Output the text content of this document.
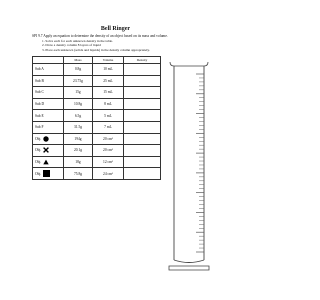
Bell Ringer
SPI 9.7 Apply an equation to determine the density of an object based on its mass and volume.
1. Solve each for each unknown density in the table.
2. Draw a density column 8 layers of liquid
3. Place each unknown (solids and liquids) in the density column appropriately.
	Mass	Volume	Density

Sub A	0.8g	10 mL	

Sub B	23.75g	25 mL	

Sub C	15g	15 mL	

Sub D	10.8g	8 mL	

Sub E	6.5g	5 mL	

Sub F	31.5g	7 mL	

Obj.	194g	20 cm³	

Obj.	20.1g	20 cm³	

Obj.	18g	12 cm³	

Obj.	75.8g	24 cm³	
